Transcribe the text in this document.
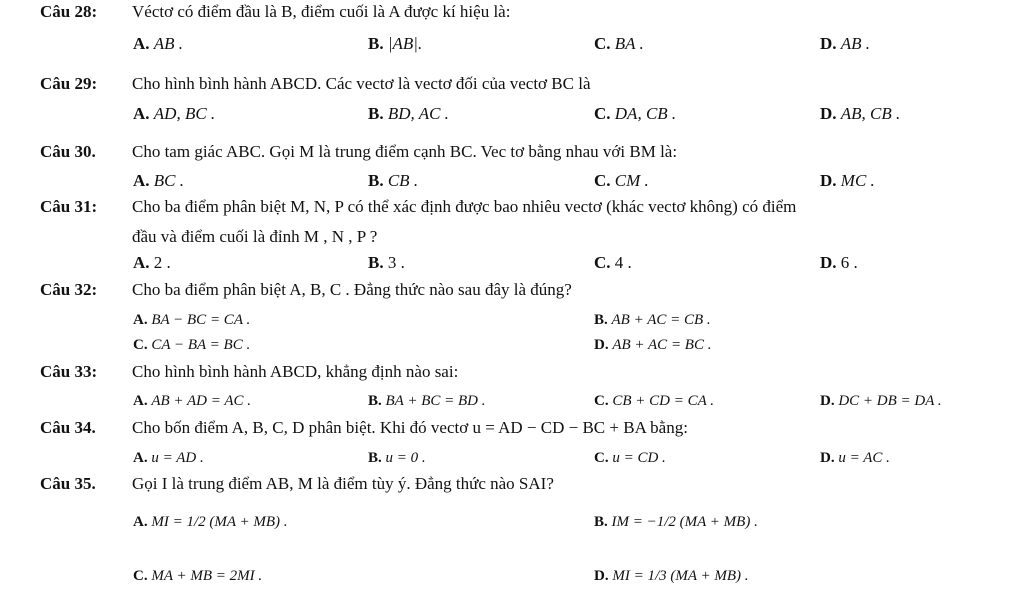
Câu 28: Véctơ có điểm đầu là B, điểm cuối là A được kí hiệu là:
A. AB .	B. |AB|.	C. BA .	D. AB .
Câu 29: Cho hình bình hành ABCD. Các vectơ là vectơ đối của vectơ BC là
A. AD, BC .	B. BD, AC .	C. DA, CB .	D. AB, CB .
Câu 30. Cho tam giác ABC. Gọi M là trung điểm cạnh BC. Vec tơ bằng nhau với BM là:
A. BC .	B. CB .	C. CM .	D. MC .
Câu 31: Cho ba điểm phân biệt M, N, P có thể xác định được bao nhiêu vectơ (khác vectơ không) có điểm
đầu và điểm cuối là đỉnh M , N , P ?
A. 2 .	B. 3 .	C. 4 .	D. 6 .
Câu 32: Cho ba điểm phân biệt A, B, C . Đẳng thức nào sau đây là đúng?
A. BA − BC = CA .	B. AB + AC = CB .
C. CA − BA = BC .	D. AB + AC = BC .
Câu 33: Cho hình bình hành ABCD, khẳng định nào sai:
A. AB + AD = AC .	B. BA + BC = BD .	C. CB + CD = CA .	D. DC + DB = DA .
Câu 34. Cho bốn điểm A, B, C, D phân biệt. Khi đó vectơ u = AD − CD − BC + BA bằng:
A. u = AD .	B. u = 0 .	C. u = CD .	D. u = AC .
Câu 35. Gọi I là trung điểm AB, M là điểm tùy ý. Đẳng thức nào SAI?
A. MI = 1/2 (MA + MB) .	B. IM = −1/2 (MA + MB) .
C. MA + MB = 2MI .	D. MI = 1/3 (MA + MB) .
